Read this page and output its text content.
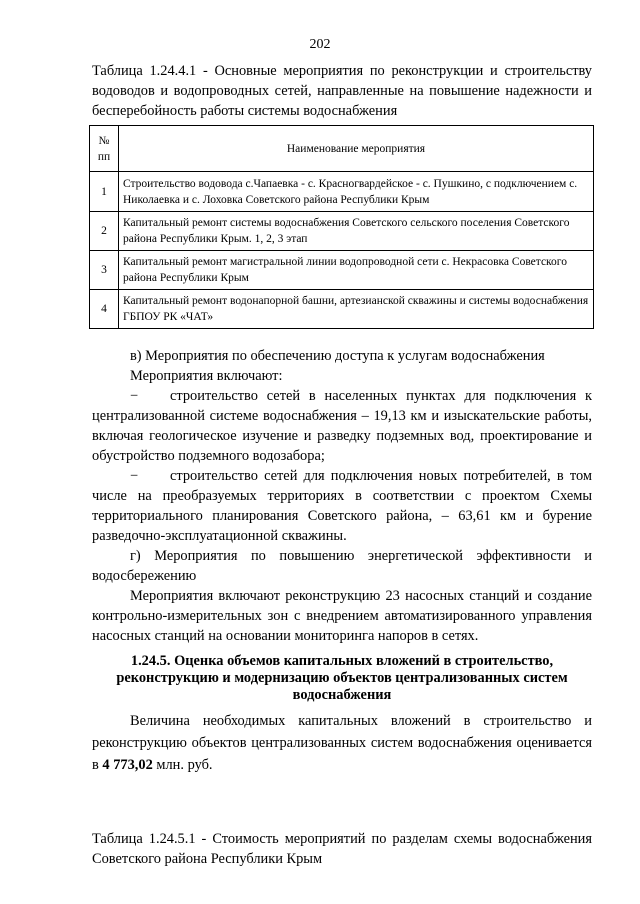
202
Таблица 1.24.4.1 - Основные мероприятия по реконструкции и строительству водоводов и водопроводных сетей, направленные на повышение надежности и бесперебойность работы системы водоснабжения
№ пп	Наименование мероприятия
1	Строительство водовода с.Чапаевка - с. Красногвардейское - с. Пушкино, с подключением с. Николаевка и с. Лоховка Советского района Республики Крым
2	Капитальный ремонт системы водоснабжения Советского сельского поселения Советского района Республики Крым. 1, 2, 3 этап
3	Капитальный ремонт магистральной линии водопроводной сети с. Некрасовка Советского района Республики Крым
4	Капитальный ремонт водонапорной башни, артезианской скважины и системы водоснабжения ГБПОУ РК «ЧАТ»

в) Мероприятия по обеспечению доступа к услугам водоснабжения

Мероприятия включают:

− строительство сетей в населенных пунктах для подключения к централизованной системе водоснабжения – 19,13 км и изыскательские работы, включая геологическое изучение и разведку подземных вод, проектирование и обустройство подземного водозабора;

− строительство сетей для подключения новых потребителей, в том числе на преобразуемых территориях в соответствии с проектом Схемы территориального планирования Советского района, – 63,61 км и бурение разведочно-эксплуатационной скважины.

г) Мероприятия по повышению энергетической эффективности и водосбережению

Мероприятия включают реконструкцию 23 насосных станций и создание контрольно-измерительных зон с внедрением автоматизированного управления насосных станций на основании мониторинга напоров в сетях.

1.24.5. Оценка объемов капитальных вложений в строительство, реконструкцию и модернизацию объектов централизованных систем водоснабжения

Величина необходимых капитальных вложений в строительство и реконструкцию объектов централизованных систем водоснабжения оценивается в 4 773,02 млн. руб.

Таблица 1.24.5.1 - Стоимость мероприятий по разделам схемы водоснабжения Советского района Республики Крым
